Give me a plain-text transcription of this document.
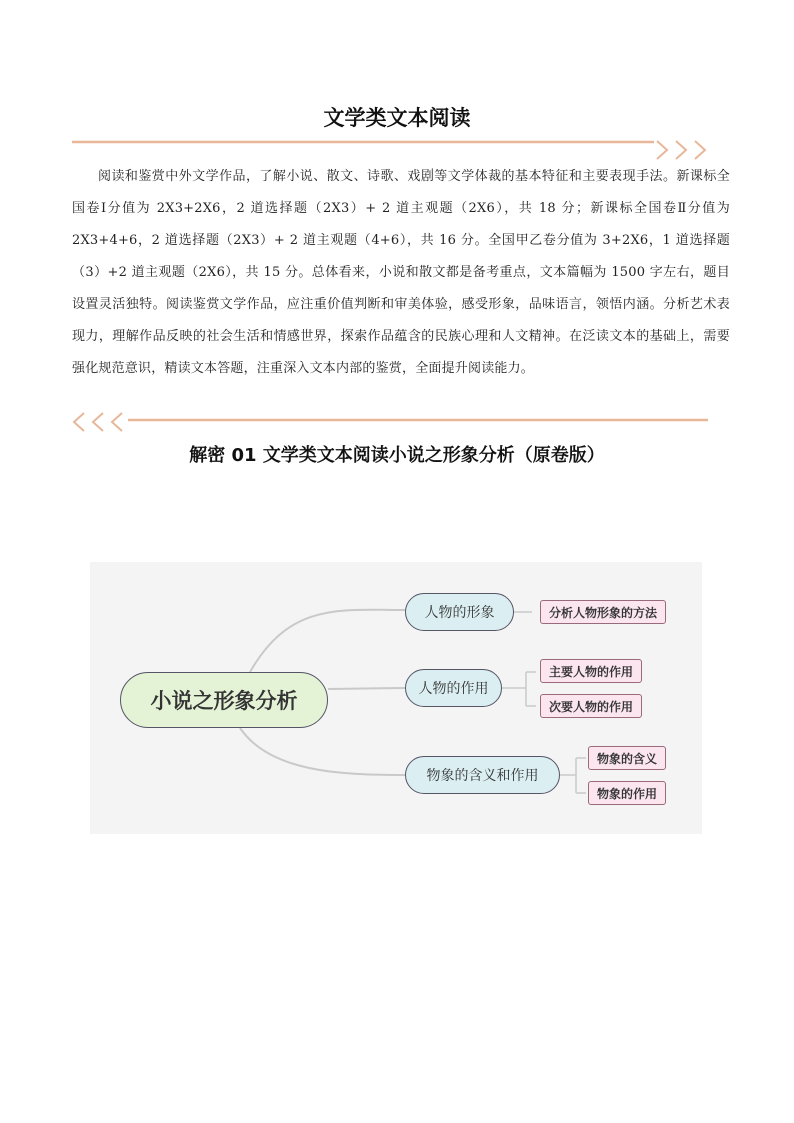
文学类文本阅读
阅读和鉴赏中外文学作品，了解小说、散文、诗歌、戏剧等文学体裁的基本特征和主要表现手法。新课标全国卷Ⅰ分值为 2X3+2X6，2 道选择题（2X3）+ 2 道主观题（2X6），共 18 分；新课标全国卷Ⅱ分值为 2X3+4+6，2 道选择题（2X3）+ 2 道主观题（4+6），共 16 分。全国甲乙卷分值为 3+2X6，1 道选择题（3）+2 道主观题（2X6），共 15 分。总体看来，小说和散文都是备考重点，文本篇幅为 1500 字左右，题目设置灵活独特。阅读鉴赏文学作品，应注重价值判断和审美体验，感受形象，品味语言，领悟内涵。分析艺术表现力，理解作品反映的社会生活和情感世界，探索作品蕴含的民族心理和人文精神。在泛读文本的基础上，需要强化规范意识，精读文本答题，注重深入文本内部的鉴赏，全面提升阅读能力。
解密 01 文学类文本阅读小说之形象分析（原卷版）
小说之形象分析
人物的形象
人物的作用
物象的含义和作用
分析人物形象的方法
主要人物的作用
次要人物的作用
物象的含义
物象的作用
